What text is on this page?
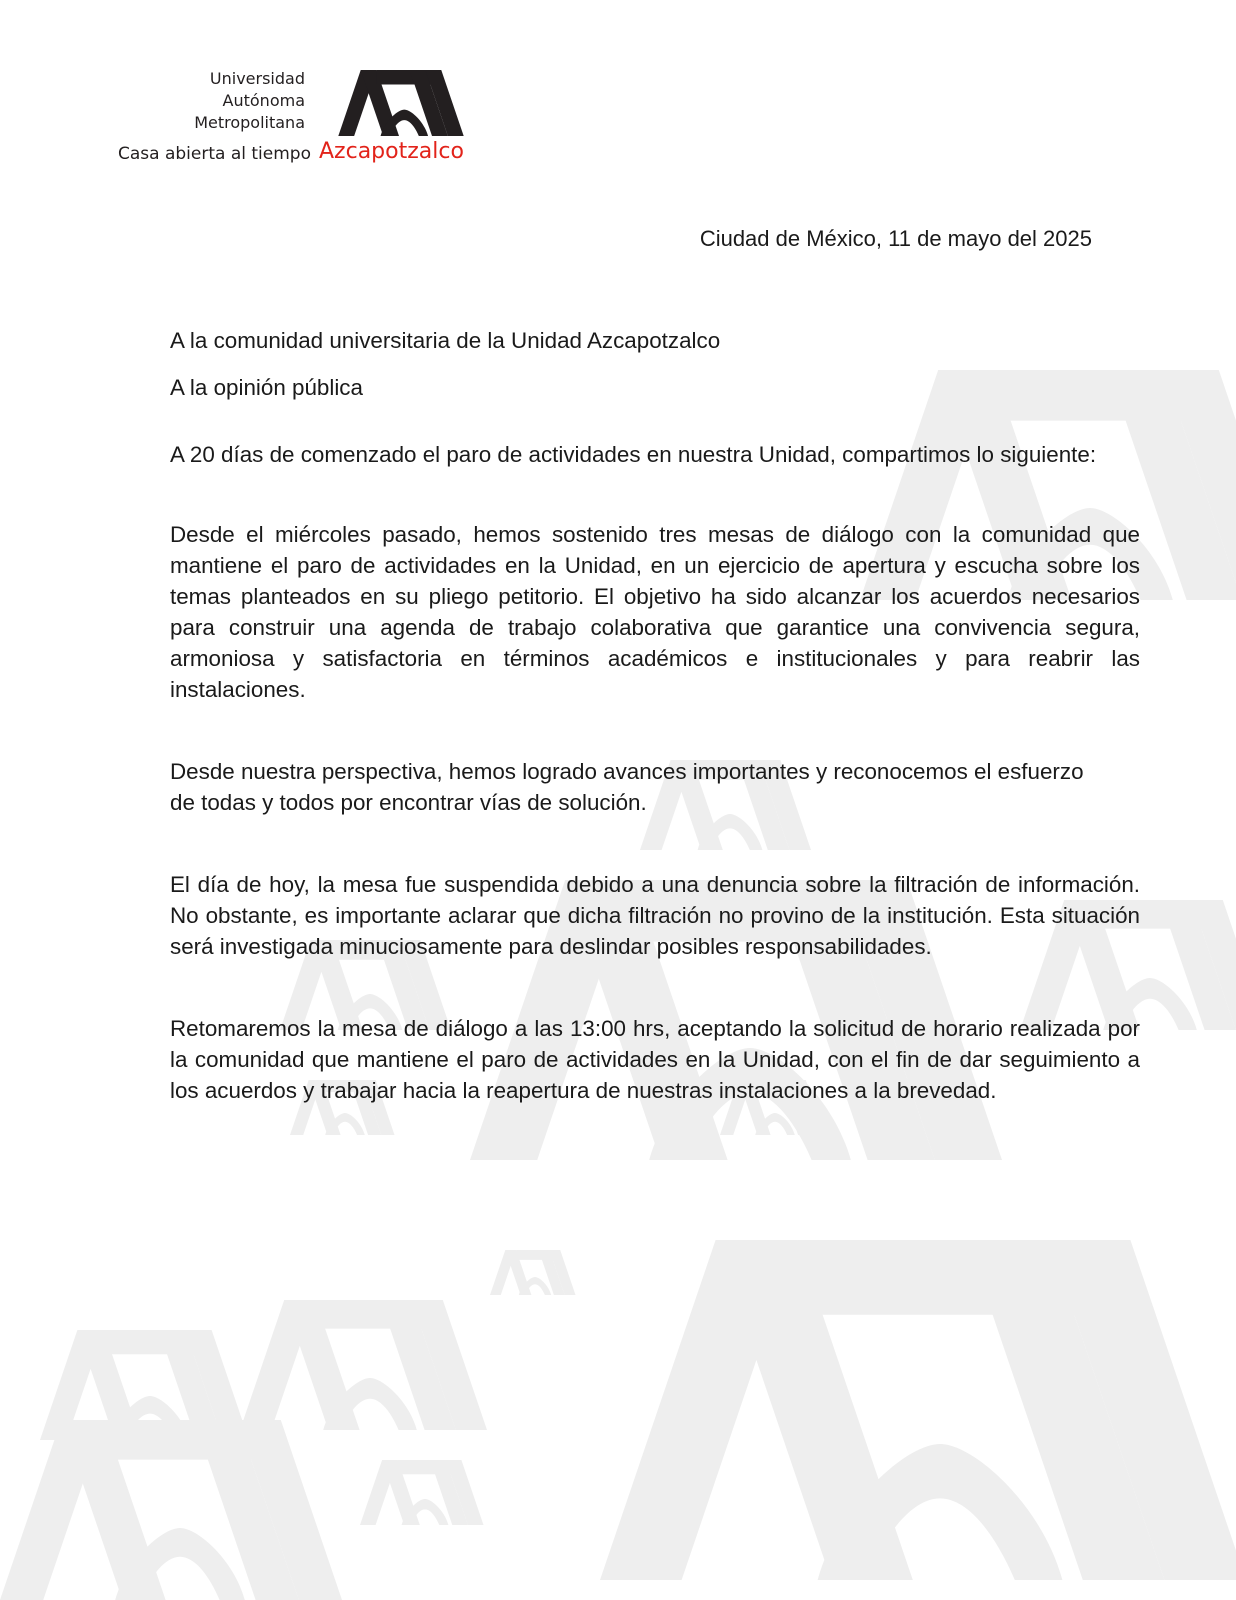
Universidad
Autónoma
Metropolitana
Casa abierta al tiempo Azcapotzalco
Ciudad de México, 11 de mayo del 2025

A la comunidad universitaria de la Unidad Azcapotzalco

A la opinión pública

A 20 días de comenzado el paro de actividades en nuestra Unidad, compartimos lo siguiente:

Desde el miércoles pasado, hemos sostenido tres mesas de diálogo con la comunidad que mantiene el paro de actividades en la Unidad, en un ejercicio de apertura y escucha sobre los temas planteados en su pliego petitorio. El objetivo ha sido alcanzar los acuerdos necesarios para construir una agenda de trabajo colaborativa que garantice una convivencia segura, armoniosa y satisfactoria en términos académicos e institucionales y para reabrir las instalaciones.

Desde nuestra perspectiva, hemos logrado avances importantes y reconocemos el esfuerzo de todas y todos por encontrar vías de solución.

El día de hoy, la mesa fue suspendida debido a una denuncia sobre la filtración de información. No obstante, es importante aclarar que dicha filtración no provino de la institución. Esta situación será investigada minuciosamente para deslindar posibles responsabilidades.

Retomaremos la mesa de diálogo a las 13:00 hrs, aceptando la solicitud de horario realizada por la comunidad que mantiene el paro de actividades en la Unidad, con el fin de dar seguimiento a los acuerdos y trabajar hacia la reapertura de nuestras instalaciones a la brevedad.
